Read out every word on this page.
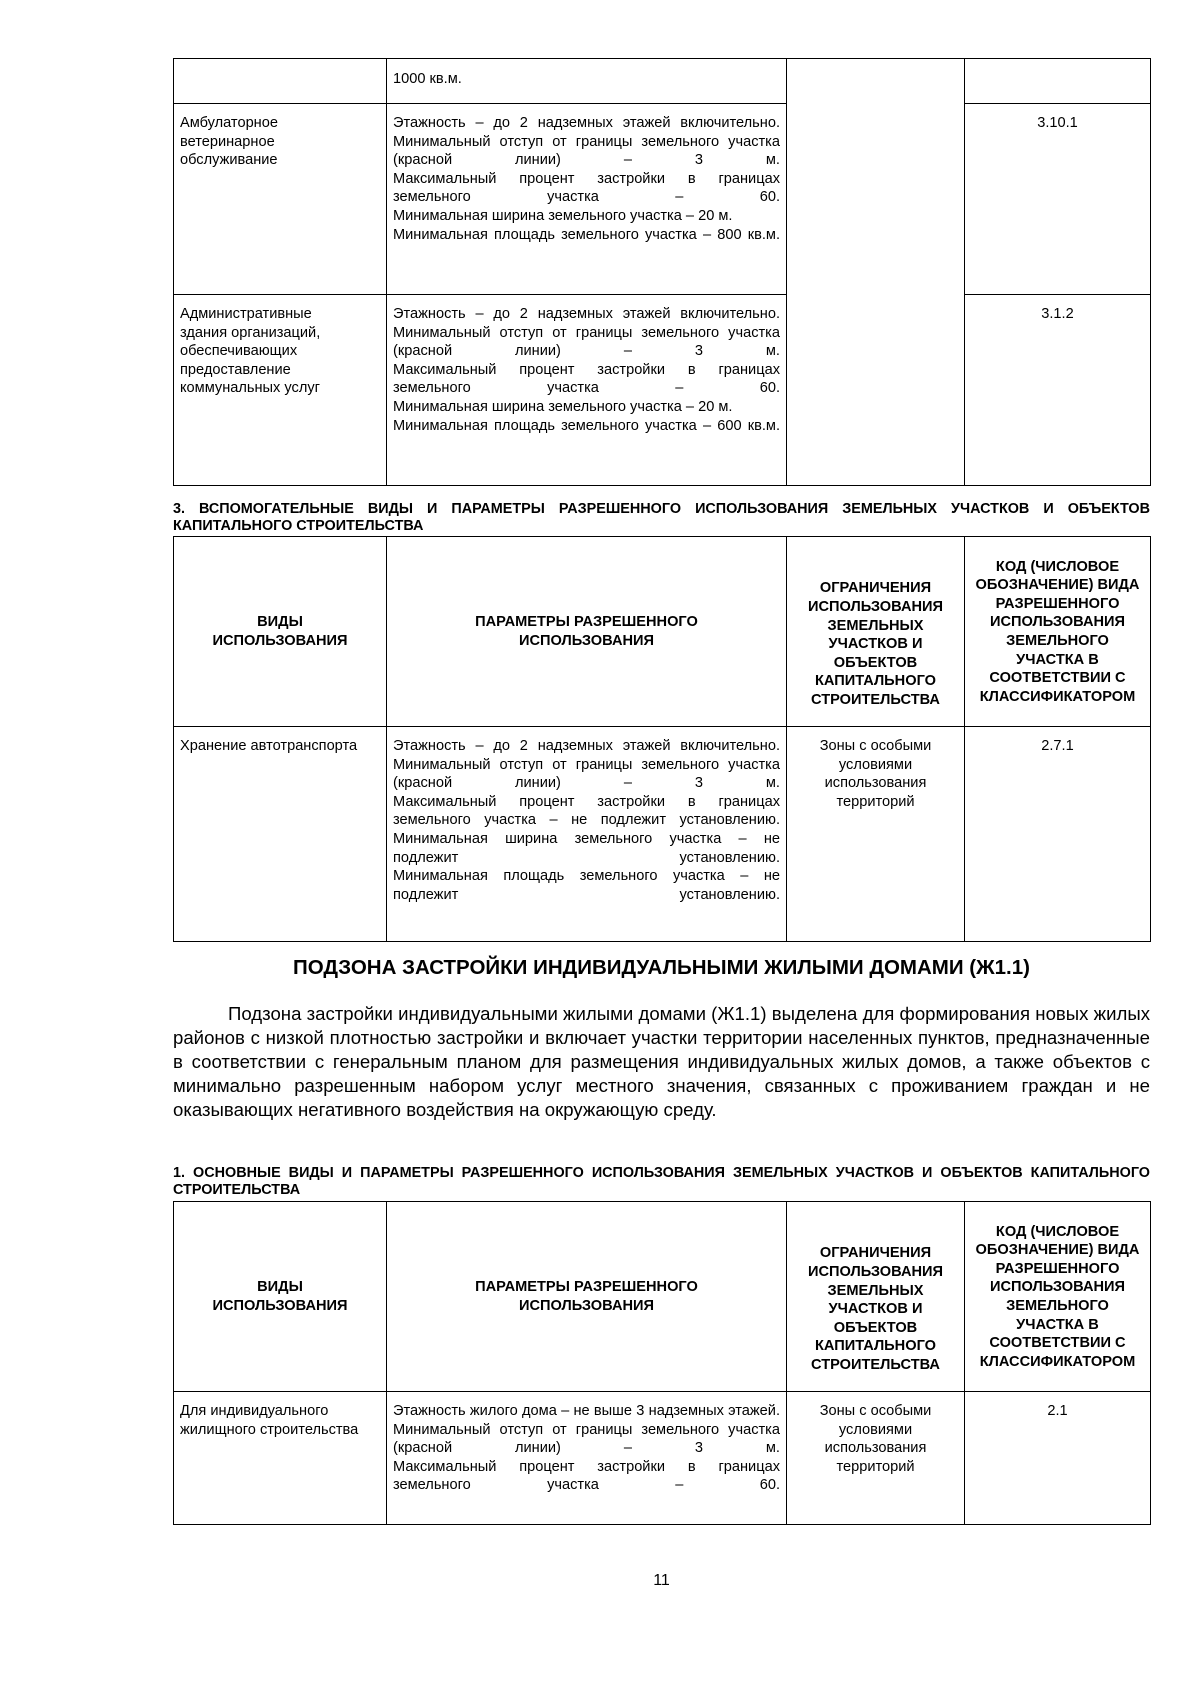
	1000 кв.м.		

Амбулаторное ветеринарное обслуживание	Этажность – до 2 надземных этажей включительно.
Минимальный отступ от границы земельного участка (красной линии) – 3 м.
Максимальный процент застройки в границах земельного участка – 60.
Минимальная ширина земельного участка – 20 м.
Минимальная площадь земельного участка – 800 кв.м.		3.10.1

Административные здания организаций, обеспечивающих предоставление коммунальных услуг	Этажность – до 2 надземных этажей включительно.
Минимальный отступ от границы земельного участка (красной линии) – 3 м.
Максимальный процент застройки в границах земельного участка – 60.
Минимальная ширина земельного участка – 20 м.
Минимальная площадь земельного участка – 600 кв.м.		3.1.2
3. ВСПОМОГАТЕЛЬНЫЕ ВИДЫ И ПАРАМЕТРЫ РАЗРЕШЕННОГО ИСПОЛЬЗОВАНИЯ ЗЕМЕЛЬНЫХ УЧАСТКОВ И ОБЪЕКТОВ КАПИТАЛЬНОГО СТРОИТЕЛЬСТВА
ВИДЫ ИСПОЛЬЗОВАНИЯ	ПАРАМЕТРЫ РАЗРЕШЕННОГО ИСПОЛЬЗОВАНИЯ	ОГРАНИЧЕНИЯ ИСПОЛЬЗОВАНИЯ ЗЕМЕЛЬНЫХ УЧАСТКОВ И ОБЪЕКТОВ КАПИТАЛЬНОГО СТРОИТЕЛЬСТВА	КОД (ЧИСЛОВОЕ ОБОЗНАЧЕНИЕ) ВИДА РАЗРЕШЕННОГО ИСПОЛЬЗОВАНИЯ ЗЕМЕЛЬНОГО УЧАСТКА В СООТВЕТСТВИИ С КЛАССИФИКАТОРОМ
Хранение автотранспорта	Этажность – до 2 надземных этажей включительно.
Минимальный отступ от границы земельного участка (красной линии) – 3 м.
Максимальный процент застройки в границах земельного участка – не подлежит установлению.
Минимальная ширина земельного участка – не подлежит установлению.
Минимальная площадь земельного участка – не подлежит установлению.	Зоны с особыми условиями использования территорий	2.7.1
ПОДЗОНА ЗАСТРОЙКИ ИНДИВИДУАЛЬНЫМИ ЖИЛЫМИ ДОМАМИ (Ж1.1)
Подзона застройки индивидуальными жилыми домами (Ж1.1) выделена для формирования новых жилых районов с низкой плотностью застройки и включает участки территории населенных пунктов, предназначенные в соответствии с генеральным планом для размещения индивидуальных жилых домов, а также объектов с минимально разрешенным набором услуг местного значения, связанных с проживанием граждан и не оказывающих негативного воздействия на окружающую среду.
1. ОСНОВНЫЕ ВИДЫ И ПАРАМЕТРЫ РАЗРЕШЕННОГО ИСПОЛЬЗОВАНИЯ ЗЕМЕЛЬНЫХ УЧАСТКОВ И ОБЪЕКТОВ КАПИТАЛЬНОГО СТРОИТЕЛЬСТВА
ВИДЫ ИСПОЛЬЗОВАНИЯ	ПАРАМЕТРЫ РАЗРЕШЕННОГО ИСПОЛЬЗОВАНИЯ	ОГРАНИЧЕНИЯ ИСПОЛЬЗОВАНИЯ ЗЕМЕЛЬНЫХ УЧАСТКОВ И ОБЪЕКТОВ КАПИТАЛЬНОГО СТРОИТЕЛЬСТВА	КОД (ЧИСЛОВОЕ ОБОЗНАЧЕНИЕ) ВИДА РАЗРЕШЕННОГО ИСПОЛЬЗОВАНИЯ ЗЕМЕЛЬНОГО УЧАСТКА В СООТВЕТСТВИИ С КЛАССИФИКАТОРОМ
Для индивидуального жилищного строительства	Этажность жилого дома – не выше 3 надземных этажей.
Минимальный отступ от границы земельного участка (красной линии) – 3 м.
Максимальный процент застройки в границах земельного участка – 60.	Зоны с особыми условиями использования территорий	2.1
11
